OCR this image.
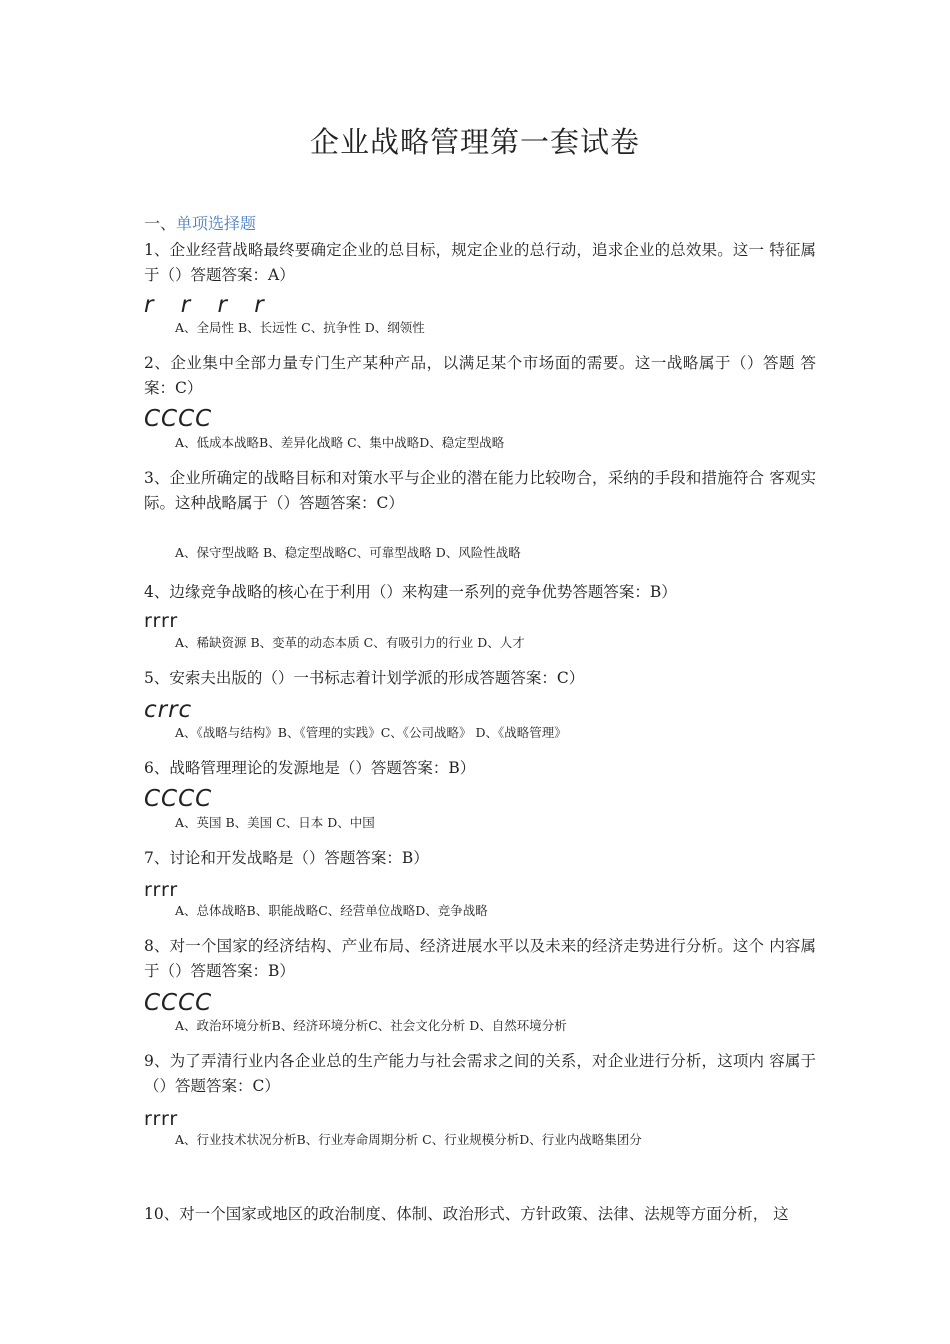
企业战略管理第一套试卷
一、单项选择题
1、企业经营战略最终要确定企业的总目标，规定企业的总行动，追求企业的总效果。这一 特征属于（）答题答案：A）
r r r r
A、全局性 B、长远性 C、抗争性 D、纲领性
2、企业集中全部力量专门生产某种产品，以满足某个市场面的需要。这一战略属于（）答题 答案：C）
CCCC
A、低成本战略B、差异化战略 C、集中战略D、稳定型战略
3、企业所确定的战略目标和对策水平与企业的潜在能力比较吻合，采纳的手段和措施符合 客观实际。这种战略属于（）答题答案：C）
A、保守型战略 B、稳定型战略C、可靠型战略 D、风险性战略
4、边缘竞争战略的核心在于利用（）来构建一系列的竞争优势答题答案：B）
rrrr
A、稀缺资源 B、变革的动态本质 C、有吸引力的行业 D、人才
5、安索夫出版的（）一书标志着计划学派的形成答题答案：C）
crrc
A、《战略与结构》B、《管理的实践》C、《公司战略》 D、《战略管理》
6、战略管理理论的发源地是（）答题答案：B）
CCCC
A、英国 B、美国 C、日本 D、中国
7、讨论和开发战略是（）答题答案：B）
rrrr
A、总体战略B、职能战略C、经营单位战略D、竞争战略
8、对一个国家的经济结构、产业布局、经济进展水平以及未来的经济走势进行分析。这个 内容属于（）答题答案：B）
CCCC
A、政治环境分析B、经济环境分析C、社会文化分析 D、自然环境分析
9、为了弄清行业内各企业总的生产能力与社会需求之间的关系，对企业进行分析，这项内 容属于（）答题答案：C）
rrrr
A、行业技术状况分析B、行业寿命周期分析 C、行业规模分析D、行业内战略集团分
10、对一个国家或地区的政治制度、体制、政治形式、方针政策、法律、法规等方面分析， 这
